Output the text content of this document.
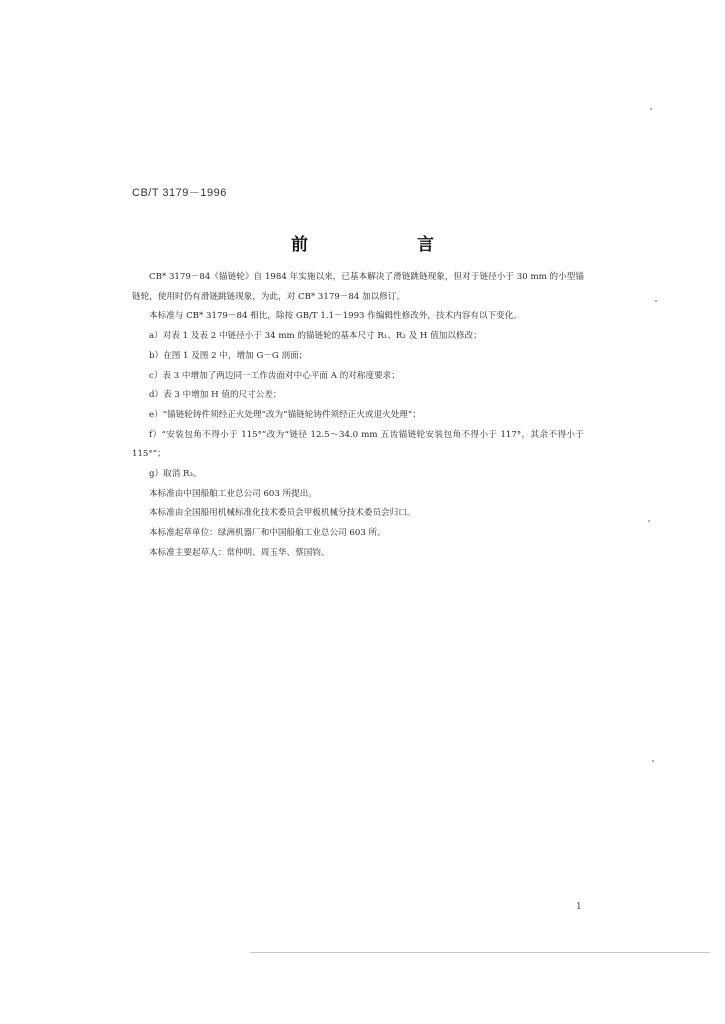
CB/T 3179－1996
前　言

CB* 3179－84《锚链轮》自 1984 年实施以来，已基本解决了滑链跳链现象，但对于链径小于 30 mm 的小型锚链轮，使用时仍有滑链跳链现象，为此，对 CB* 3179－84 加以修订。

本标准与 CB* 3179－84 相比，除按 GB/T 1.1－1993 作编辑性修改外，技术内容有以下变化。

a）对表 1 及表 2 中链径小于 34 mm 的锚链轮的基本尺寸 R₁、R₂ 及 H 值加以修改；

b）在图 1 及图 2 中，增加 G－G 剖面；

c）表 3 中增加了两边同一工作齿面对中心平面 A 的对称度要求；

d）表 3 中增加 H 值的尺寸公差；

e）“锚链轮铸件须经正火处理”改为“锚链轮铸件须经正火或退火处理”；

f）“安装包角不得小于 115°”改为“链径 12.5～34.0 mm 五齿锚链轮安装包角不得小于 117°，其余不得小于 115°”；

g）取消 R₃。

本标准由中国船舶工业总公司 603 所提出。

本标准由全国船用机械标准化技术委员会甲板机械分技术委员会归口。

本标准起草单位：绿洲机器厂和中国船舶工业总公司 603 所。

本标准主要起草人：常仲明、周玉华、蔡国钧。

1
